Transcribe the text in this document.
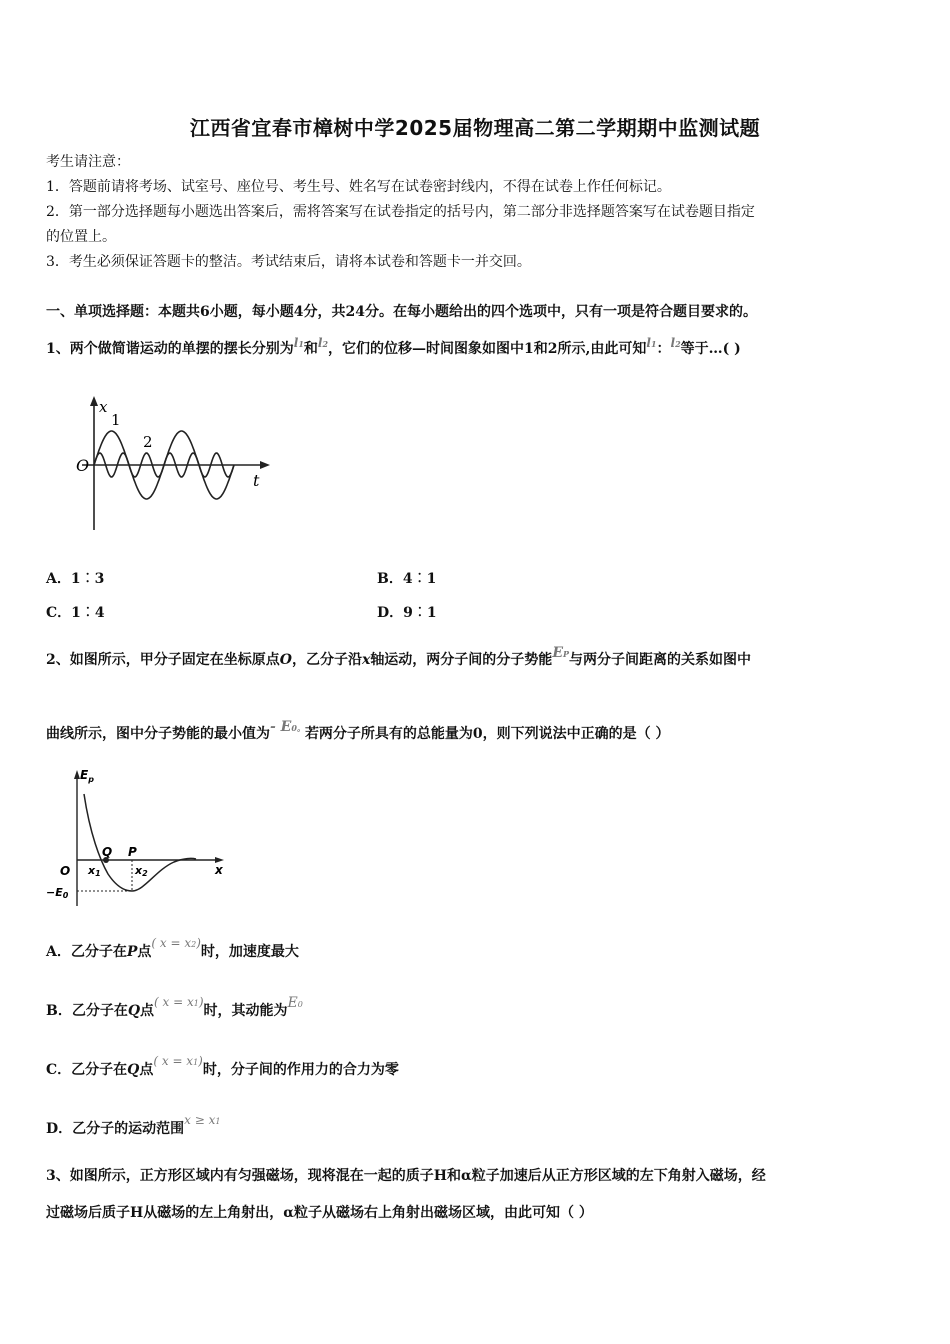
江西省宜春市樟树中学2025届物理高二第二学期期中监测试题
考生请注意：
1．答题前请将考场、试室号、座位号、考生号、姓名写在试卷密封线内，不得在试卷上作任何标记。
2．第一部分选择题每小题选出答案后，需将答案写在试卷指定的括号内，第二部分非选择题答案写在试卷题目指定
的位置上。
3．考生必须保证答题卡的整洁。考试结束后，请将本试卷和答题卡一并交回。
一、单项选择题：本题共6小题，每小题4分，共24分。在每小题给出的四个选项中，只有一项是符合题目要求的。
1、两个做简谐运动的单摆的摆长分别为l1和l2，它们的位移—时间图象如图中1和2所示,由此可知l1：l2等于…( )
x
t
O
1
2
A．1︰3	B．4︰1
C．1︰4	D．9︰1
2、如图所示，甲分子固定在坐标原点O，乙分子沿x轴运动，两分子间的分子势能EP与两分子间距离的关系如图中
曲线所示，图中分子势能的最小值为- E0。若两分子所具有的总能量为0，则下列说法中正确的是（ ）
$E_p$
O	x
Q P
x1	x2
−E0
A．乙分子在P点( x = x2)时，加速度最大
B．乙分子在Q点( x = x1)时，其动能为E0
C．乙分子在Q点( x = x1)时，分子间的作用力的合力为零
D．乙分子的运动范围x ≥ x1
3、如图所示，正方形区域内有匀强磁场，现将混在一起的质子H和α粒子加速后从正方形区域的左下角射入磁场，经
过磁场后质子H从磁场的左上角射出，α粒子从磁场右上角射出磁场区域，由此可知（ ）
